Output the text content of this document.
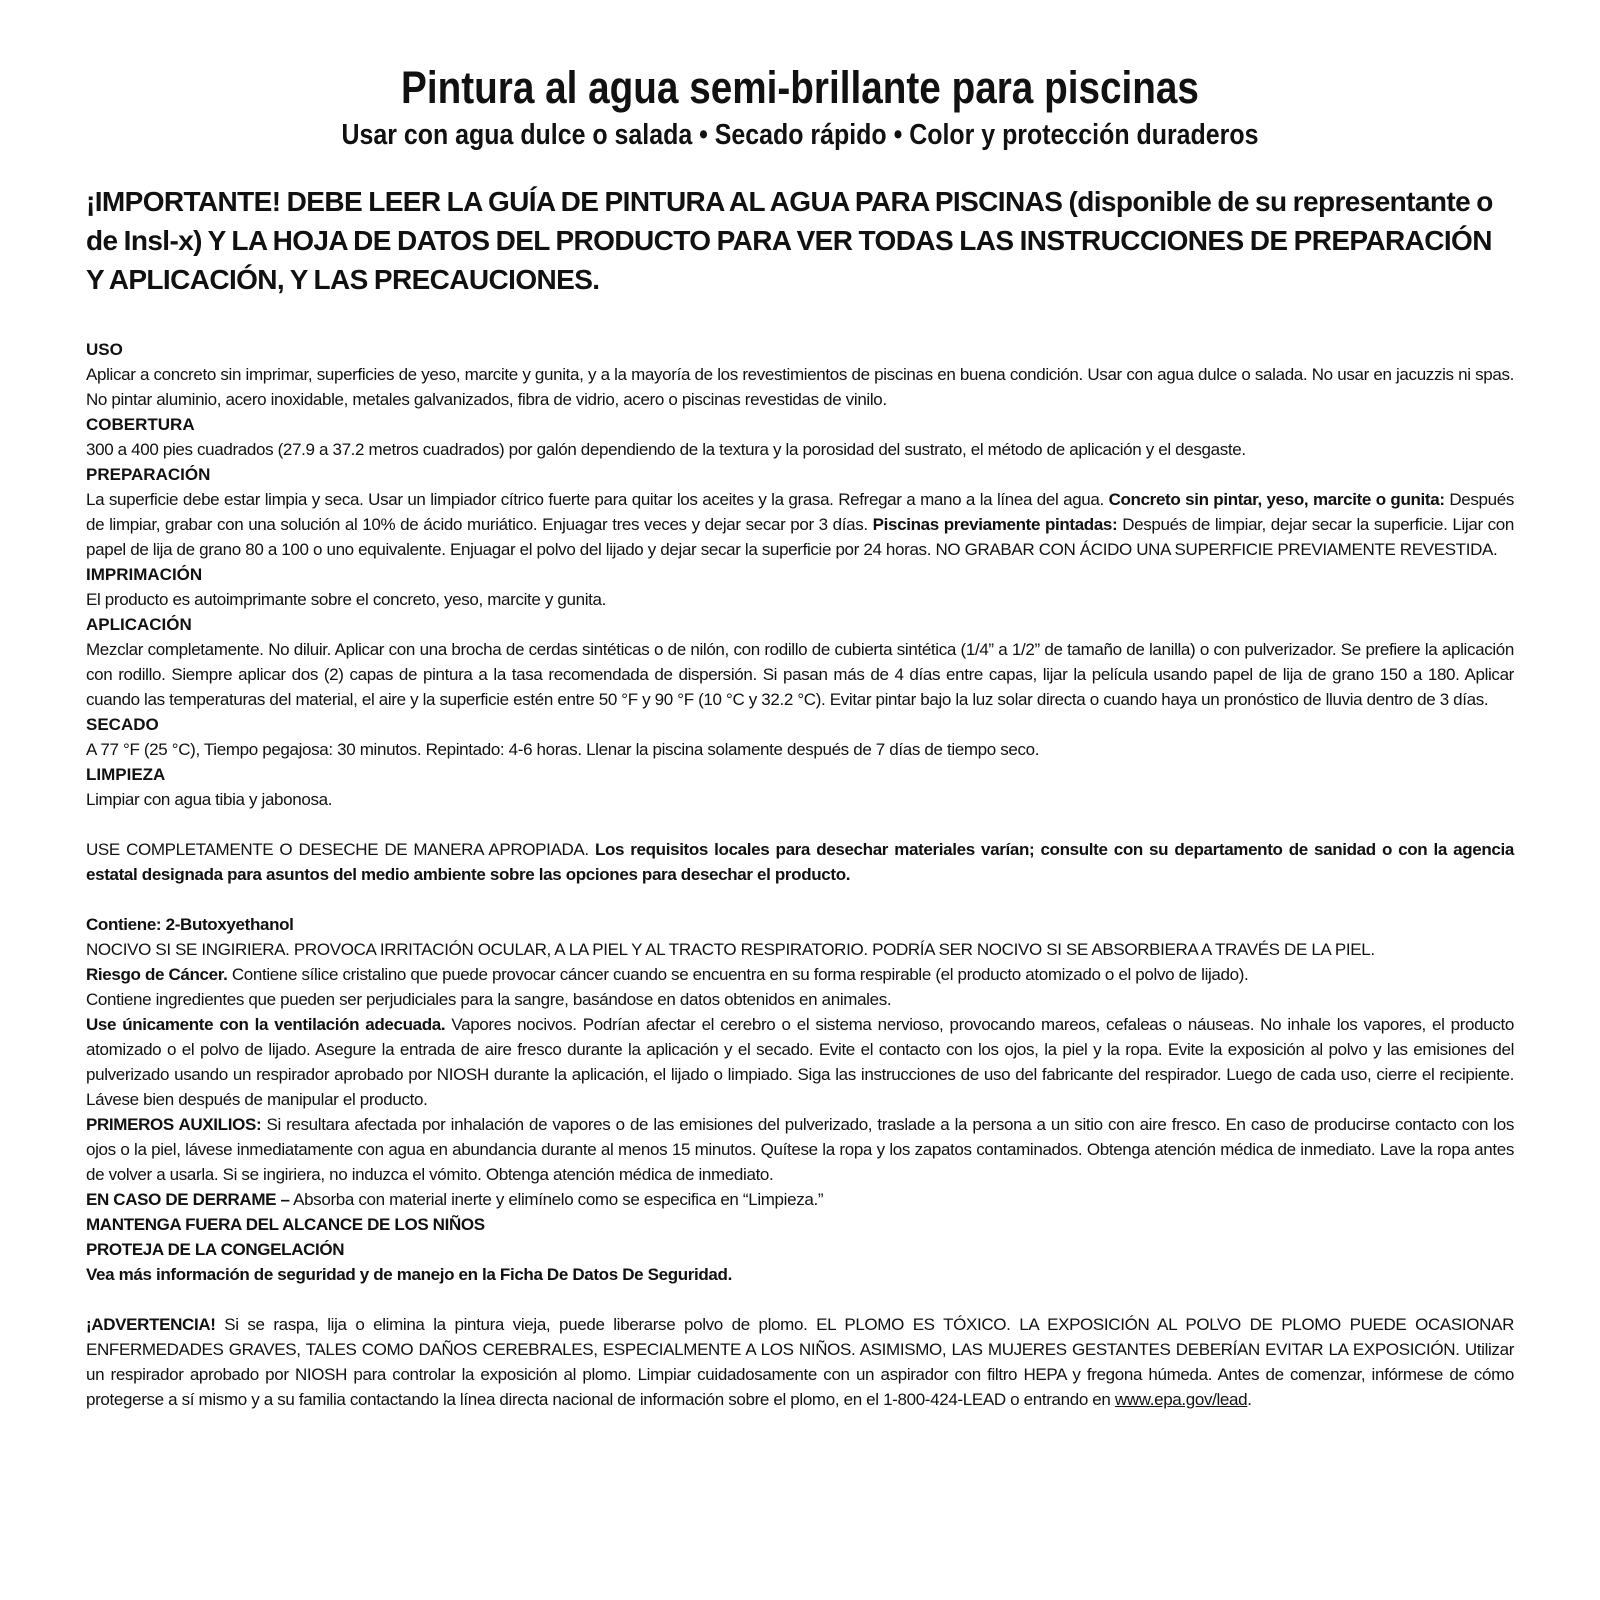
Pintura al agua semi-brillante para piscinas
Usar con agua dulce o salada • Secado rápido • Color y protección duraderos

¡IMPORTANTE! DEBE LEER LA GUÍA DE PINTURA AL AGUA PARA PISCINAS (disponible de su representante o de Insl-x) Y LA HOJA DE DATOS DEL PRODUCTO PARA VER TODAS LAS INSTRUCCIONES DE PREPARACIÓN Y APLICACIÓN, Y LAS PRECAUCIONES.

USO

Aplicar a concreto sin imprimar, superficies de yeso, marcite y gunita, y a la mayoría de los revestimientos de piscinas en buena condición. Usar con agua dulce o salada. No usar en jacuzzis ni spas. No pintar aluminio, acero inoxidable, metales galvanizados, fibra de vidrio, acero o piscinas revestidas de vinilo.

COBERTURA

300 a 400 pies cuadrados (27.9 a 37.2 metros cuadrados) por galón dependiendo de la textura y la porosidad del sustrato, el método de aplicación y el desgaste.

PREPARACIÓN

La superficie debe estar limpia y seca. Usar un limpiador cítrico fuerte para quitar los aceites y la grasa. Refregar a mano a la línea del agua. Concreto sin pintar, yeso, marcite o gunita: Después de limpiar, grabar con una solución al 10% de ácido muriático. Enjuagar tres veces y dejar secar por 3 días. Piscinas previamente pintadas: Después de limpiar, dejar secar la superficie. Lijar con papel de lija de grano 80 a 100 o uno equivalente. Enjuagar el polvo del lijado y dejar secar la superficie por 24 horas. NO GRABAR CON ÁCIDO UNA SUPERFICIE PREVIAMENTE REVESTIDA.

IMPRIMACIÓN

El producto es autoimprimante sobre el concreto, yeso, marcite y gunita.

APLICACIÓN

Mezclar completamente. No diluir. Aplicar con una brocha de cerdas sintéticas o de nilón, con rodillo de cubierta sintética (1/4” a 1/2” de tamaño de lanilla) o con pulverizador. Se prefiere la aplicación con rodillo. Siempre aplicar dos (2) capas de pintura a la tasa recomendada de dispersión. Si pasan más de 4 días entre capas, lijar la película usando papel de lija de grano 150 a 180. Aplicar cuando las temperaturas del material, el aire y la superficie estén entre 50 °F y 90 °F (10 °C y 32.2 °C). Evitar pintar bajo la luz solar directa o cuando haya un pronóstico de lluvia dentro de 3 días.

SECADO

A 77 °F (25 °C), Tiempo pegajosa: 30 minutos. Repintado: 4-6 horas. Llenar la piscina solamente después de 7 días de tiempo seco.

LIMPIEZA

Limpiar con agua tibia y jabonosa.

USE COMPLETAMENTE O DESECHE DE MANERA APROPIADA. Los requisitos locales para desechar materiales varían; consulte con su departamento de sanidad o con la agencia estatal designada para asuntos del medio ambiente sobre las opciones para desechar el producto.

Contiene: 2-Butoxyethanol

NOCIVO SI SE INGIRIERA. PROVOCA IRRITACIÓN OCULAR, A LA PIEL Y AL TRACTO RESPIRATORIO. PODRÍA SER NOCIVO SI SE ABSORBIERA A TRAVÉS DE LA PIEL.

Riesgo de Cáncer. Contiene sílice cristalino que puede provocar cáncer cuando se encuentra en su forma respirable (el producto atomizado o el polvo de lijado).

Contiene ingredientes que pueden ser perjudiciales para la sangre, basándose en datos obtenidos en animales.

Use únicamente con la ventilación adecuada. Vapores nocivos. Podrían afectar el cerebro o el sistema nervioso, provocando mareos, cefaleas o náuseas. No inhale los vapores, el producto atomizado o el polvo de lijado. Asegure la entrada de aire fresco durante la aplicación y el secado. Evite el contacto con los ojos, la piel y la ropa. Evite la exposición al polvo y las emisiones del pulverizado usando un respirador aprobado por NIOSH durante la aplicación, el lijado o limpiado. Siga las instrucciones de uso del fabricante del respirador. Luego de cada uso, cierre el recipiente. Lávese bien después de manipular el producto.

PRIMEROS AUXILIOS: Si resultara afectada por inhalación de vapores o de las emisiones del pulverizado, traslade a la persona a un sitio con aire fresco. En caso de producirse contacto con los ojos o la piel, lávese inmediatamente con agua en abundancia durante al menos 15 minutos. Quítese la ropa y los zapatos contaminados. Obtenga atención médica de inmediato. Lave la ropa antes de volver a usarla. Si se ingiriera, no induzca el vómito. Obtenga atención médica de inmediato.

EN CASO DE DERRAME – Absorba con material inerte y elimínelo como se especifica en “Limpieza.”

MANTENGA FUERA DEL ALCANCE DE LOS NIÑOS

PROTEJA DE LA CONGELACIÓN

Vea más información de seguridad y de manejo en la Ficha De Datos De Seguridad.

¡ADVERTENCIA! Si se raspa, lija o elimina la pintura vieja, puede liberarse polvo de plomo. EL PLOMO ES TÓXICO. LA EXPOSICIÓN AL POLVO DE PLOMO PUEDE OCASIONAR ENFERMEDADES GRAVES, TALES COMO DAÑOS CEREBRALES, ESPECIALMENTE A LOS NIÑOS. ASIMISMO, LAS MUJERES GESTANTES DEBERÍAN EVITAR LA EXPOSICIÓN. Utilizar un respirador aprobado por NIOSH para controlar la exposición al plomo. Limpiar cuidadosamente con un aspirador con filtro HEPA y fregona húmeda. Antes de comenzar, infórmese de cómo protegerse a sí mismo y a su familia contactando la línea directa nacional de información sobre el plomo, en el 1-800-424-LEAD o entrando en www.epa.gov/lead.
